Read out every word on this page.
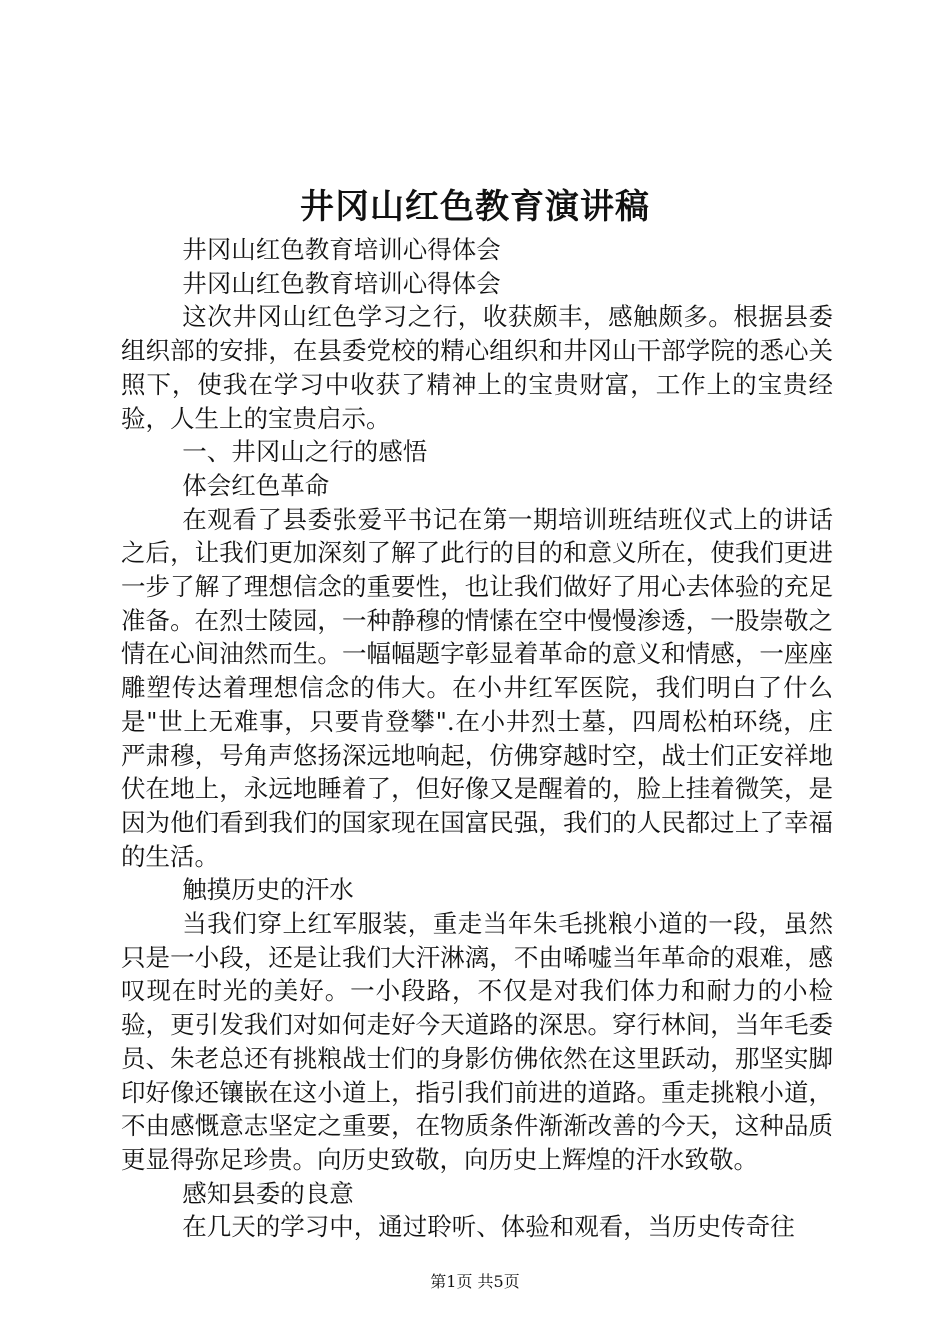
井冈山红色教育演讲稿

井冈山红色教育培训心得体会

井冈山红色教育培训心得体会

这次井冈山红色学习之行，收获颇丰，感触颇多。根据县委组织部的安排，在县委党校的精心组织和井冈山干部学院的悉心关照下，使我在学习中收获了精神上的宝贵财富，工作上的宝贵经验，人生上的宝贵启示。

一、井冈山之行的感悟

体会红色革命

在观看了县委张爱平书记在第一期培训班结班仪式上的讲话之后，让我们更加深刻了解了此行的目的和意义所在，使我们更进一步了解了理想信念的重要性，也让我们做好了用心去体验的充足准备。在烈士陵园，一种静穆的情愫在空中慢慢渗透，一股崇敬之情在心间油然而生。一幅幅题字彰显着革命的意义和情感，一座座雕塑传达着理想信念的伟大。在小井红军医院，我们明白了什么是"世上无难事，只要肯登攀".在小井烈士墓，四周松柏环绕，庄严肃穆，号角声悠扬深远地响起，仿佛穿越时空，战士们正安祥地伏在地上，永远地睡着了，但好像又是醒着的，脸上挂着微笑，是因为他们看到我们的国家现在国富民强，我们的人民都过上了幸福的生活。

触摸历史的汗水

当我们穿上红军服装，重走当年朱毛挑粮小道的一段，虽然只是一小段，还是让我们大汗淋漓，不由唏嘘当年革命的艰难，感叹现在时光的美好。一小段路，不仅是对我们体力和耐力的小检验，更引发我们对如何走好今天道路的深思。穿行林间，当年毛委员、朱老总还有挑粮战士们的身影仿佛依然在这里跃动，那坚实脚印好像还镶嵌在这小道上，指引我们前进的道路。重走挑粮小道，不由感慨意志坚定之重要，在物质条件渐渐改善的今天，这种品质更显得弥足珍贵。向历史致敬，向历史上辉煌的汗水致敬。

感知县委的良意

在几天的学习中，通过聆听、体验和观看，当历史传奇往

第1页 共5页
